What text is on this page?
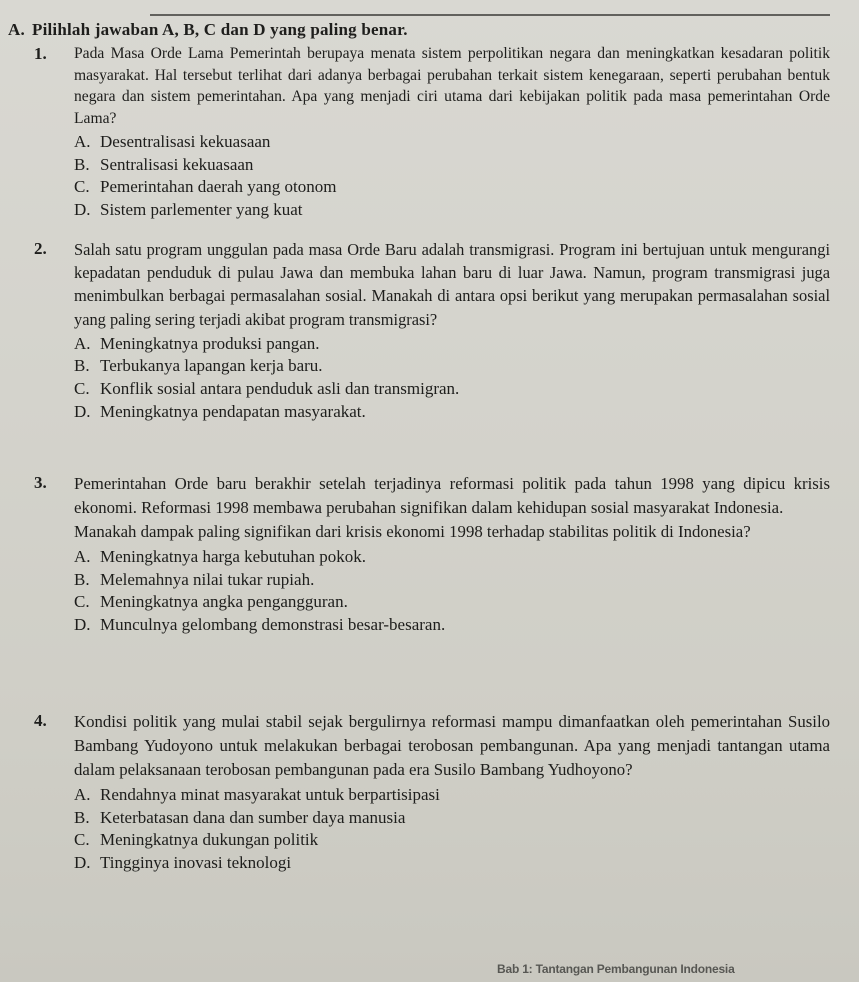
A. Pilihlah jawaban A, B, C dan D yang paling benar.
1. Pada Masa Orde Lama Pemerintah berupaya menata sistem perpolitikan negara dan meningkatkan kesadaran politik masyarakat. Hal tersebut terlihat dari adanya berbagai perubahan terkait sistem kenegaraan, seperti perubahan bentuk negara dan sistem pemerintahan. Apa yang menjadi ciri utama dari kebijakan politik pada masa pemerintahan Orde Lama?
A. Desentralisasi kekuasaan
B. Sentralisasi kekuasaan
C. Pemerintahan daerah yang otonom
D. Sistem parlementer yang kuat
2. Salah satu program unggulan pada masa Orde Baru adalah transmigrasi. Program ini bertujuan untuk mengurangi kepadatan penduduk di pulau Jawa dan membuka lahan baru di luar Jawa. Namun, program transmigrasi juga menimbulkan berbagai permasalahan sosial. Manakah di antara opsi berikut yang merupakan permasalahan sosial yang paling sering terjadi akibat program transmigrasi?
A. Meningkatnya produksi pangan.
B. Terbukanya lapangan kerja baru.
C. Konflik sosial antara penduduk asli dan transmigran.
D. Meningkatnya pendapatan masyarakat.
3. Pemerintahan Orde baru berakhir setelah terjadinya reformasi politik pada tahun 1998 yang dipicu krisis ekonomi. Reformasi 1998 membawa perubahan signifikan dalam kehidupan sosial masyarakat Indonesia.
Manakah dampak paling signifikan dari krisis ekonomi 1998 terhadap stabilitas politik di Indonesia?
A. Meningkatnya harga kebutuhan pokok.
B. Melemahnya nilai tukar rupiah.
C. Meningkatnya angka pengangguran.
D. Munculnya gelombang demonstrasi besar-besaran.
4. Kondisi politik yang mulai stabil sejak bergulirnya reformasi mampu dimanfaatkan oleh pemerintahan Susilo Bambang Yudoyono untuk melakukan berbagai terobosan pembangunan. Apa yang menjadi tantangan utama dalam pelaksanaan terobosan pembangunan pada era Susilo Bambang Yudhoyono?
A. Rendahnya minat masyarakat untuk berpartisipasi
B. Keterbatasan dana dan sumber daya manusia
C. Meningkatnya dukungan politik
D. Tingginya inovasi teknologi
Bab 1: Tantangan Pembangunan Indonesia
